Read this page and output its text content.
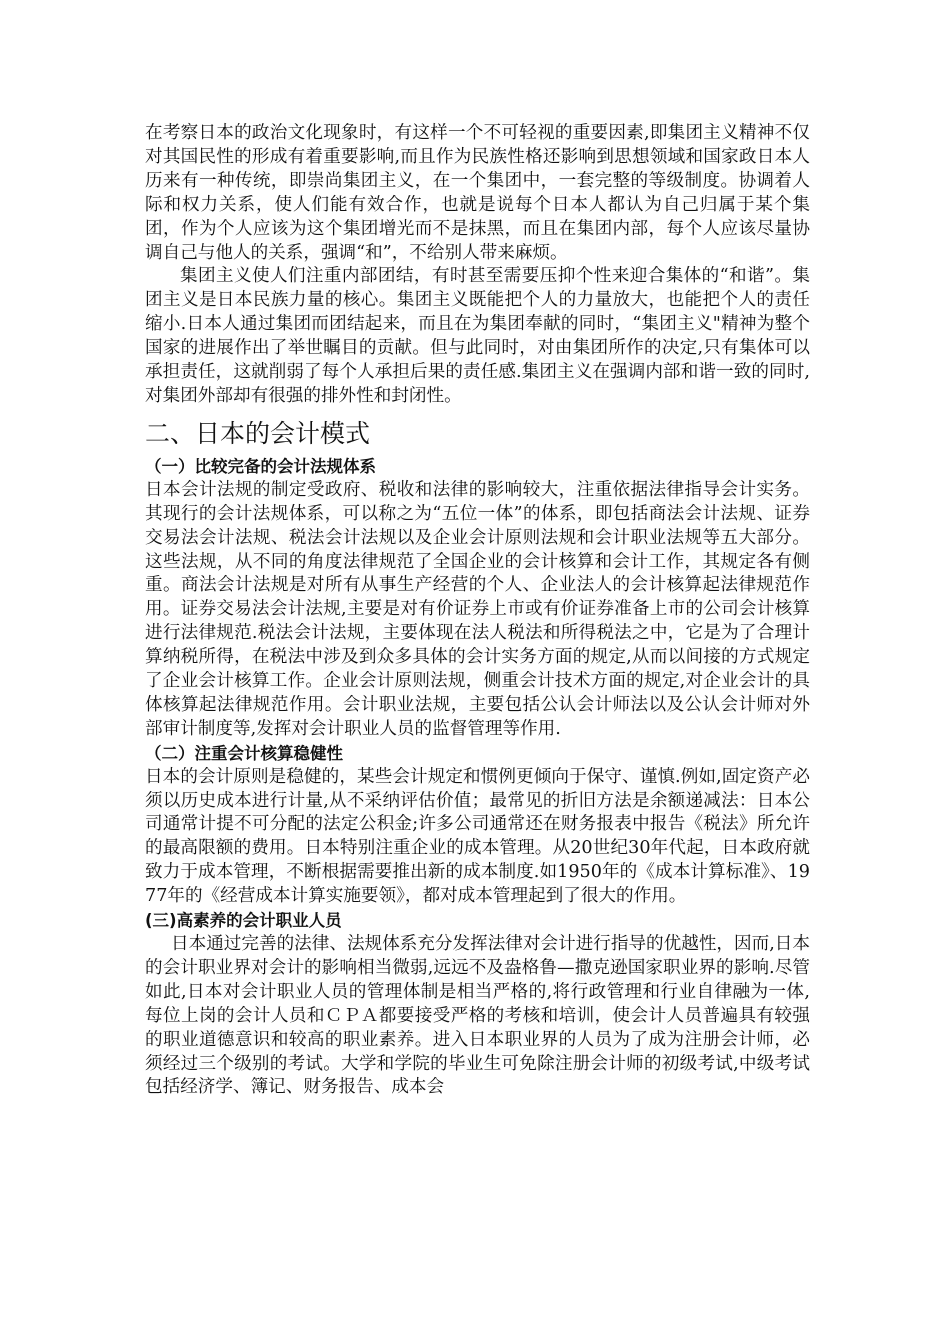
在考察日本的政治文化现象时，有这样一个不可轻视的重要因素,即集团主义精神不仅对其国民性的形成有着重要影响,而且作为民族性格还影响到思想领域和国家政日本人历来有一种传统，即崇尚集团主义，在一个集团中，一套完整的等级制度。协调着人际和权力关系，使人们能有效合作，也就是说每个日本人都认为自己归属于某个集团，作为个人应该为这个集团增光而不是抹黑，而且在集团内部，每个人应该尽量协调自己与他人的关系，强调“和”，不给别人带来麻烦。

集团主义使人们注重内部团结，有时甚至需要压抑个性来迎合集体的“和谐”。集团主义是日本民族力量的核心。集团主义既能把个人的力量放大，也能把个人的责任缩小.日本人通过集团而团结起来，而且在为集团奉献的同时，“集团主义"精神为整个国家的进展作出了举世瞩目的贡献。但与此同时，对由集团所作的决定,只有集体可以承担责任，这就削弱了每个人承担后果的责任感.集团主义在强调内部和谐一致的同时,对集团外部却有很强的排外性和封闭性。

二、日本的会计模式
（一）比较完备的会计法规体系

日本会计法规的制定受政府、税收和法律的影响较大，注重依据法律指导会计实务。其现行的会计法规体系，可以称之为“五位一体”的体系，即包括商法会计法规、证券交易法会计法规、税法会计法规以及企业会计原则法规和会计职业法规等五大部分。这些法规，从不同的角度法律规范了全国企业的会计核算和会计工作，其规定各有侧重。商法会计法规是对所有从事生产经营的个人、企业法人的会计核算起法律规范作用。证券交易法会计法规,主要是对有价证券上市或有价证券准备上市的公司会计核算进行法律规范.税法会计法规，主要体现在法人税法和所得税法之中，它是为了合理计算纳税所得，在税法中涉及到众多具体的会计实务方面的规定,从而以间接的方式规定了企业会计核算工作。企业会计原则法规，侧重会计技术方面的规定,对企业会计的具体核算起法律规范作用。会计职业法规，主要包括公认会计师法以及公认会计师对外部审计制度等,发挥对会计职业人员的监督管理等作用.

（二）注重会计核算稳健性

日本的会计原则是稳健的，某些会计规定和惯例更倾向于保守、谨慎.例如,固定资产必须以历史成本进行计量,从不采纳评估价值；最常见的折旧方法是余额递减法：日本公司通常计提不可分配的法定公积金;许多公司通常还在财务报表中报告《税法》所允许的最高限额的费用。日本特别注重企业的成本管理。从20世纪30年代起，日本政府就致力于成本管理，不断根据需要推出新的成本制度.如1950年的《成本计算标准》、1977年的《经营成本计算实施要领》，都对成本管理起到了很大的作用。

(三)高素养的会计职业人员

日本通过完善的法律、法规体系充分发挥法律对会计进行指导的优越性，因而,日本的会计职业界对会计的影响相当微弱,远远不及盎格鲁—撒克逊国家职业界的影响.尽管如此,日本对会计职业人员的管理体制是相当严格的,将行政管理和行业自律融为一体,每位上岗的会计人员和ＣＰＡ都要接受严格的考核和培训，使会计人员普遍具有较强的职业道德意识和较高的职业素养。进入日本职业界的人员为了成为注册会计师，必须经过三个级别的考试。大学和学院的毕业生可免除注册会计师的初级考试,中级考试包括经济学、簿记、财务报告、成本会
